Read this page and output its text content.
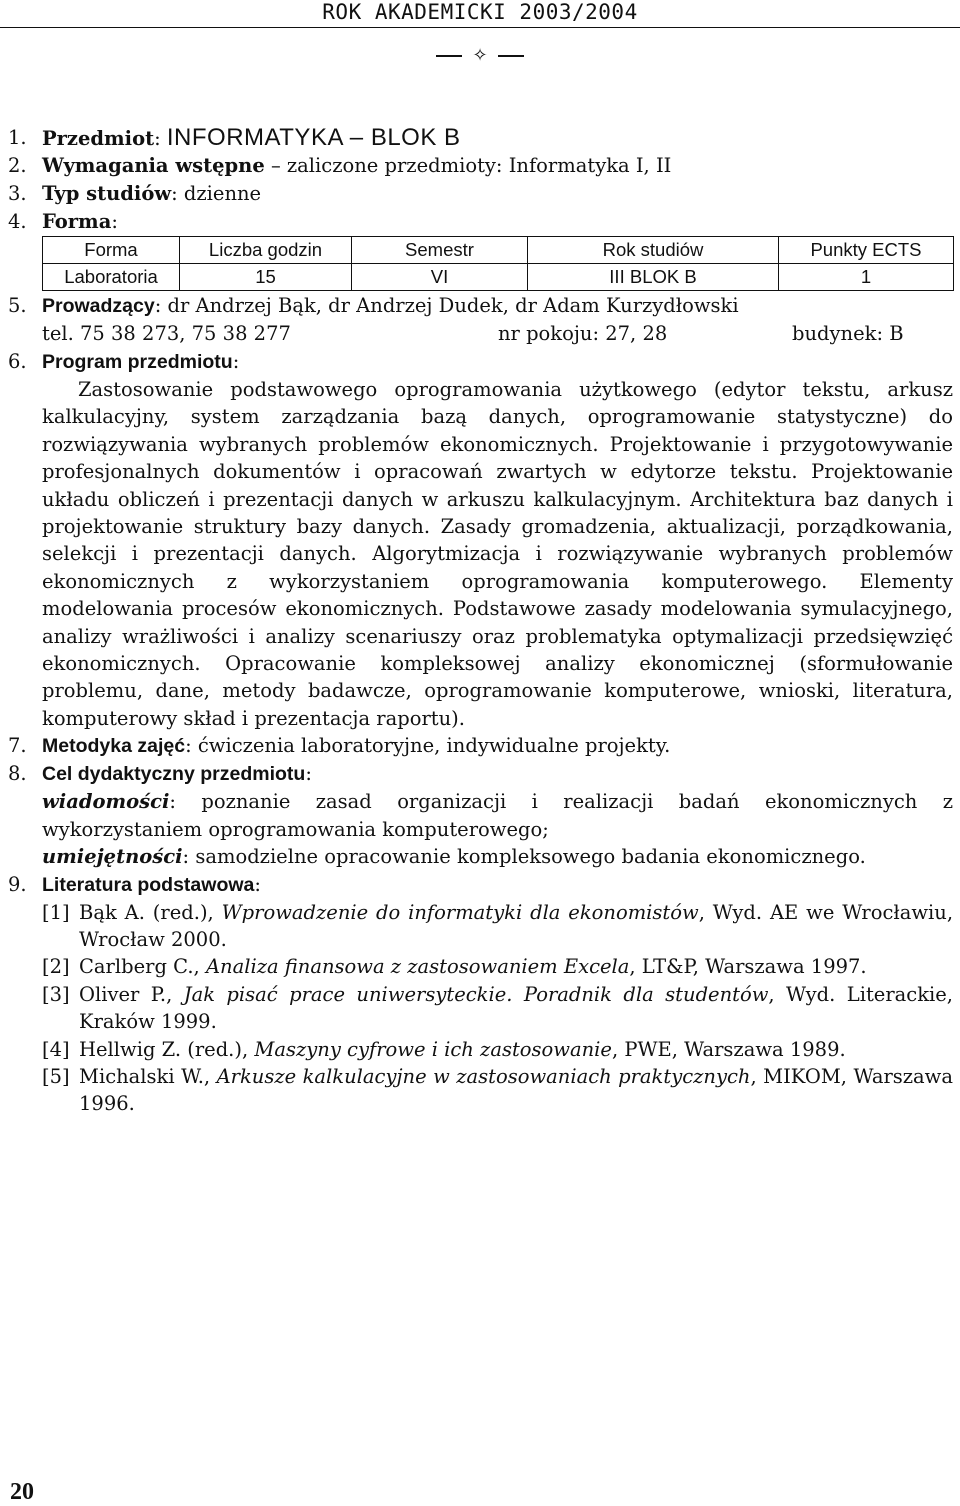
ROK AKADEMICKI 2003/2004
✧
1. Przedmiot: INFORMATYKA – BLOK B
2. Wymagania wstępne – zaliczone przedmioty: Informatyka I, II
3. Typ studiów: dzienne
4. Forma:
Forma	Liczba godzin	Semestr	Rok studiów	Punkty ECTS
Laboratoria	15	VI	III BLOK B	1
5. Prowadzący: dr Andrzej Bąk, dr Andrzej Dudek, dr Adam Kurzydłowski
tel. 75 38 273, 75 38 277	nr pokoju: 27, 28	budynek: B
6. Program przedmiotu:
Zastosowanie podstawowego oprogramowania użytkowego (edytor tekstu, arkusz kalkulacyjny, system zarządzania bazą danych, oprogramowanie statystyczne) do rozwiązywania wybranych problemów ekonomicznych. Projektowanie i przygotowywanie profesjonalnych dokumentów i opracowań zwartych w edytorze tekstu. Projektowanie układu obliczeń i prezentacji danych w arkuszu kalkulacyjnym. Architektura baz danych i projektowanie struktury bazy danych. Zasady gromadzenia, aktualizacji, porządkowania, selekcji i prezentacji danych. Algorytmizacja i rozwiązywanie wybranych problemów ekonomicznych z wykorzystaniem oprogramowania komputerowego. Elementy modelowania procesów ekonomicznych. Podstawowe zasady modelowania symulacyjnego, analizy wrażliwości i analizy scenariuszy oraz problematyka optymalizacji przedsięwzięć ekonomicznych. Opracowanie kompleksowej analizy ekonomicznej (sformułowanie problemu, dane, metody badawcze, oprogramowanie komputerowe, wnioski, literatura, komputerowy skład i prezentacja raportu).
7. Metodyka zajęć: ćwiczenia laboratoryjne, indywidualne projekty.
8. Cel dydaktyczny przedmiotu:
wiadomości: poznanie zasad organizacji i realizacji badań ekonomicznych z wykorzystaniem oprogramowania komputerowego;
umiejętności: samodzielne opracowanie kompleksowego badania ekonomicznego.
9. Literatura podstawowa:
[1] Bąk A. (red.), Wprowadzenie do informatyki dla ekonomistów, Wyd. AE we Wrocławiu, Wrocław 2000.
[2] Carlberg C., Analiza finansowa z zastosowaniem Excela, LT&P, Warszawa 1997.
[3] Oliver P., Jak pisać prace uniwersyteckie. Poradnik dla studentów, Wyd. Literackie, Kraków 1999.
[4] Hellwig Z. (red.), Maszyny cyfrowe i ich zastosowanie, PWE, Warszawa 1989.
[5] Michalski W., Arkusze kalkulacyjne w zastosowaniach praktycznych, MIKOM, Warszawa 1996.
20
